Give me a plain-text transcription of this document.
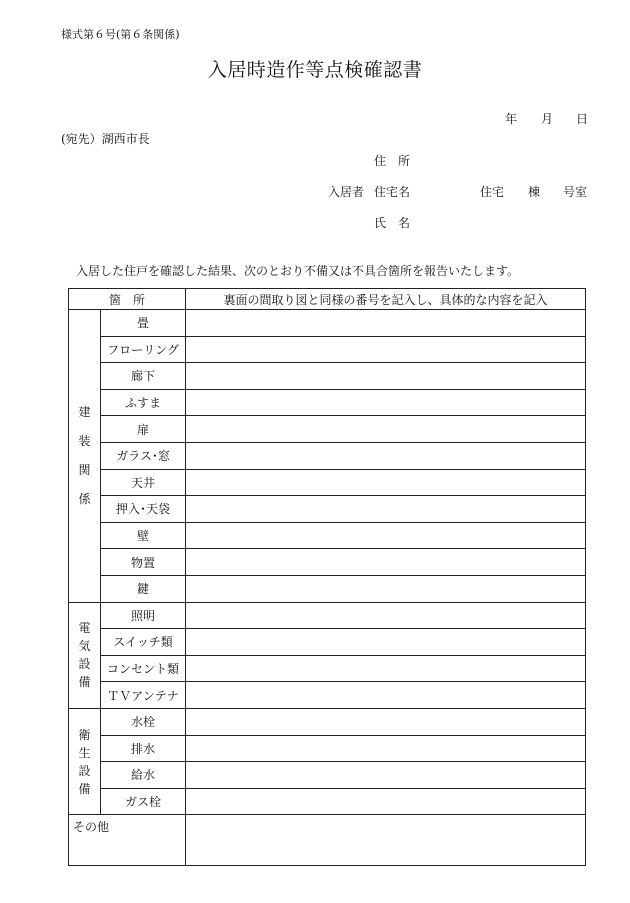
様式第６号(第６条関係)
入居時造作等点検確認書
年 月 日
(宛先）湖西市長
住　所
入居者 住宅名	住宅 棟 号室
氏　名
入居した住戸を確認した結果、次のとおり不備又は不具合箇所を報告いたします。
箇　所		裏面の間取り図と同様の番号を記入し、具体的な内容を記入

建
装
関
係	畳	
	フローリング	
	廊下	
	ふすま	
	扉	
	ガラス･窓	
	天井	
	押入･天袋	
	壁	
	物置	
	鍵	

電
気
設
備	照明	
	スイッチ類	
	コンセント類	
	ＴＶアンテナ	

衛
生
設
備	水栓	
	排水	
	給水	
	ガス栓	
その他		
